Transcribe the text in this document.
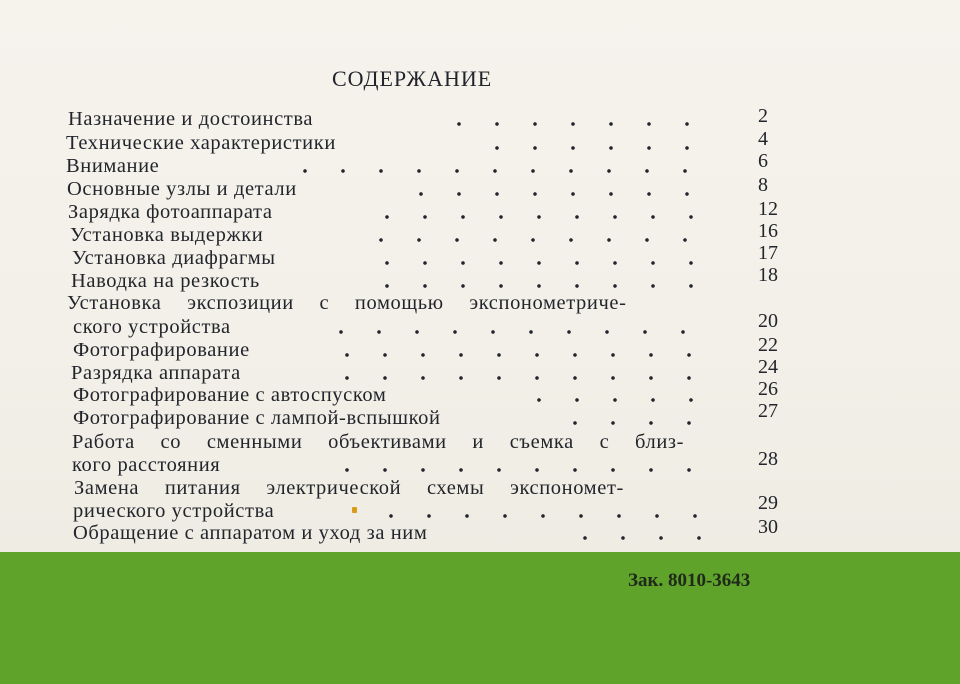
СОДЕРЖАНИЕ
Назначение и достоинства	2
Технические характеристики	4
Внимание	6
Основные узлы и детали	8
Зарядка фотоаппарата	12
Установка выдержки	16
Установка диафрагмы	17
Наводка на резкость	18
Установка экспозиции с помощью экспонометриче-
ского устройства	20
Фотографирование	22
Разрядка аппарата	24
Фотографирование с автоспуском	26
Фотографирование с лампой-вспышкой	27
Работа со сменными объективами и съемка с близ-
кого расстояния	28
Замена питания электрической схемы экспономет-
рического устройства	29
Обращение с аппаратом и уход за ним	30
Зак. 8010-3643
